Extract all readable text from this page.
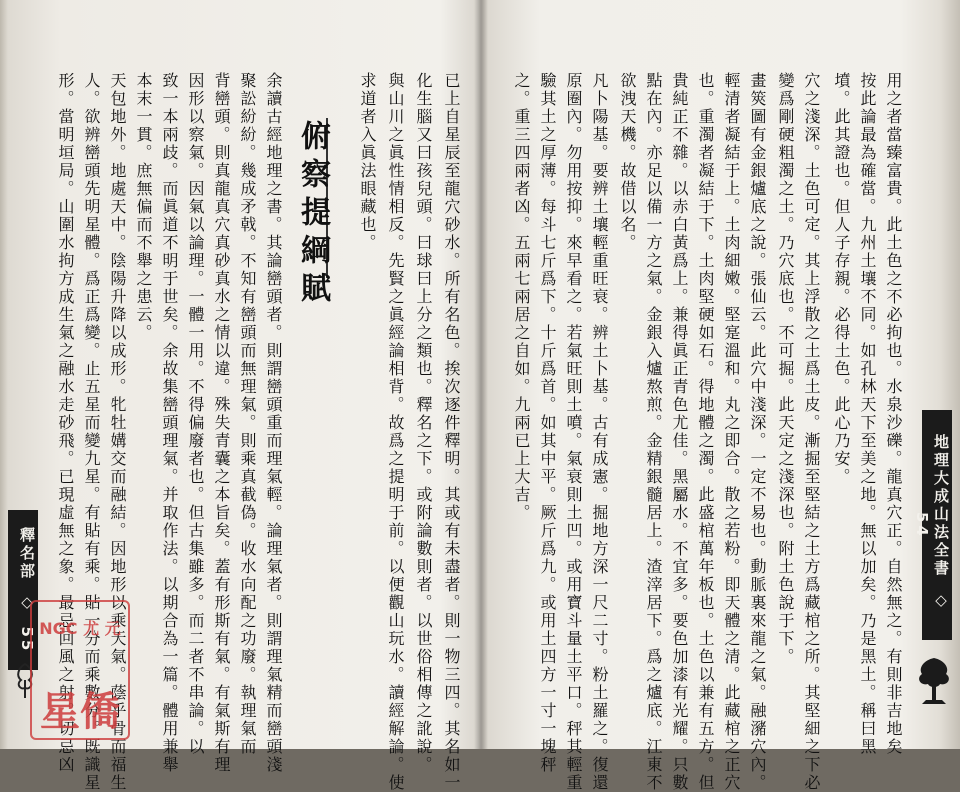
已上自星辰至龍穴砂水。所有名色。挨次逐件釋明。其或有未盡者。則一物三四。其名如一
化生腦又曰孩兒頭。曰球曰上分之類也。釋名之下。或附論數則者。以世俗相傳之訛說。
與山川之眞性情相反。先賢之眞經論相背。故爲之提明于前。以便觀山玩水。讀經解論。使
求道者入眞法眼藏也。
俯察提綱賦
余讀古經地理之書。其論巒頭者。則謂巒頭重而理氣輕。論理氣者。則謂理氣精而巒頭淺
聚訟紛紛。幾成矛戟。不知有巒頭而無理氣。則乘真截偽。收水向配之功廢。執理氣而
背巒頭。則真龍真穴真砂真水之情以違。殊失青囊之本旨矣。蓋有形斯有氣。有氣斯有理
因形以察氣。因氣以論理。一體一用。不得偏廢者也。但古集雖多。而二者不串論。以
致一本兩歧。而眞道不明于世矣。余故集巒頭理氣。并取作法。以期合為一篇。體用兼舉
本末一貫。庶無偏而不舉之患云。
天包地外。地處天中。陰陽升降以成形。牝牡媾交而融結。因地形以乘天氣。蔭乎骨而福生
人。欲辨巒頭先明星體。爲正爲變。止五星而變九星。有貼有乘。貼一分而乘數分。既識星
形。當明垣局。山圍水拘方成生氣之融水走砂飛。已現虛無之象。最忌回風之射。切忌凶
釋名部 ◇ 55 NGC 尤 元
星僑	用之者當臻富貴。此土色之不必拘也。水泉沙礫。龍真穴正。自然無之。有則非吉地矣
按此論最為確當。九州土壤不同。如孔林天下至美之地。無以加矣。乃是黑土。稱曰黑
墳。此其證也。但人子存親。必得土色。此心乃安。
穴之淺深。土色可定。其上浮散之土爲土皮。漸掘至堅結之土方爲藏棺之所。其堅細之下必
變爲剛硬粗濁之土。乃穴底也。不可掘。此天定之淺深也。附土色說于下。
畫筴圖有金銀爐底之說。張仙云。此穴中淺深。一定不易也。動脈裏來龍之氣。融瀦穴內。
輕清者凝結于上。土肉細嫩。堅寔溫和。丸之即合。散之若粉。即天體之清。此藏棺之正穴
也。重濁者凝結于下。土肉堅硬如石。得地體之濁。此盛棺萬年板也。土色以兼有五方。但
貴純正不雜。以赤白黃爲上。兼得眞正青色尤佳。黑屬水。不宜多。要色加漆有光耀。只數
點在內。亦足以備一方之氣。金銀入爐熬煎。金精銀髓居上。渣滓居下。爲之爐底。江東不
欲洩天機。故借以名。
凡卜陽基。要辨土壤輕重旺衰。辨土卜基。古有成憲。掘地方深一尺二寸。粉土羅之。復還
原圈內。勿用按抑。來早看之。若氣旺則土噴。氣衰則土凹。或用寶斗量土平口。秤其輕重
驗其土之厚薄。每斗七斤爲下。十斤爲首。如其中平。厥斤爲九。或用土四方一寸一塊秤
之。重三四兩者凶。五兩七兩居之自如。九兩已上大吉。	地理大成山法全書 ◇ 54
